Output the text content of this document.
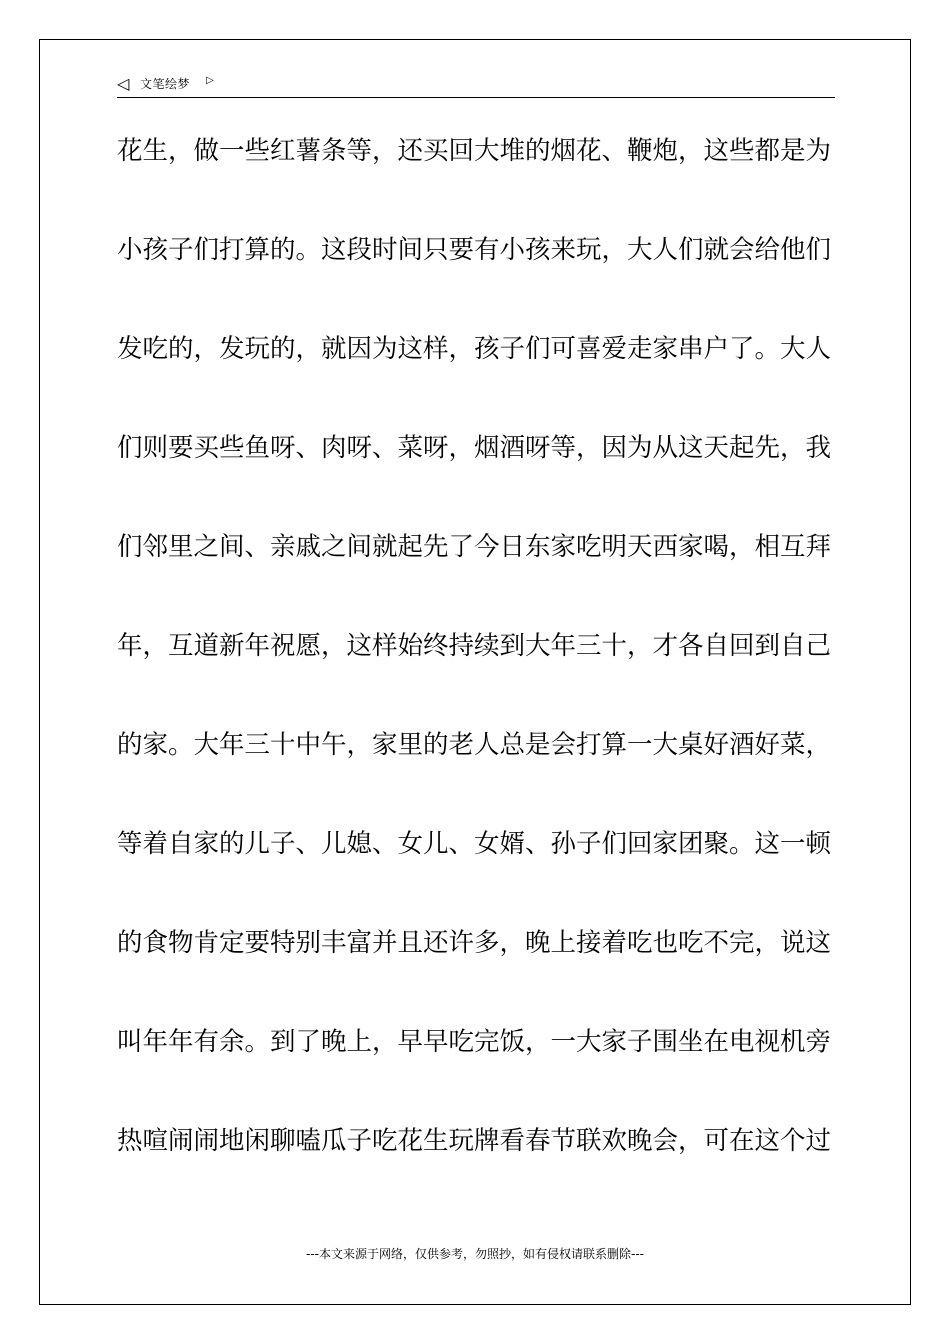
◁ 文笔绘梦 ▷
花生，做一些红薯条等，还买回大堆的烟花、鞭炮，这些都是为
小孩子们打算的。这段时间只要有小孩来玩，大人们就会给他们
发吃的，发玩的，就因为这样，孩子们可喜爱走家串户了。大人
们则要买些鱼呀、肉呀、菜呀，烟酒呀等，因为从这天起先，我
们邻里之间、亲戚之间就起先了今日东家吃明天西家喝，相互拜
年，互道新年祝愿，这样始终持续到大年三十，才各自回到自己
的家。大年三十中午，家里的老人总是会打算一大桌好酒好菜，
等着自家的儿子、儿媳、女儿、女婿、孙子们回家团聚。这一顿
的食物肯定要特别丰富并且还许多，晚上接着吃也吃不完，说这
叫年年有余。到了晚上，早早吃完饭，一大家子围坐在电视机旁
热喧闹闹地闲聊嗑瓜子吃花生玩牌看春节联欢晚会，可在这个过
---本文来源于网络，仅供参考，勿照抄，如有侵权请联系删除---
